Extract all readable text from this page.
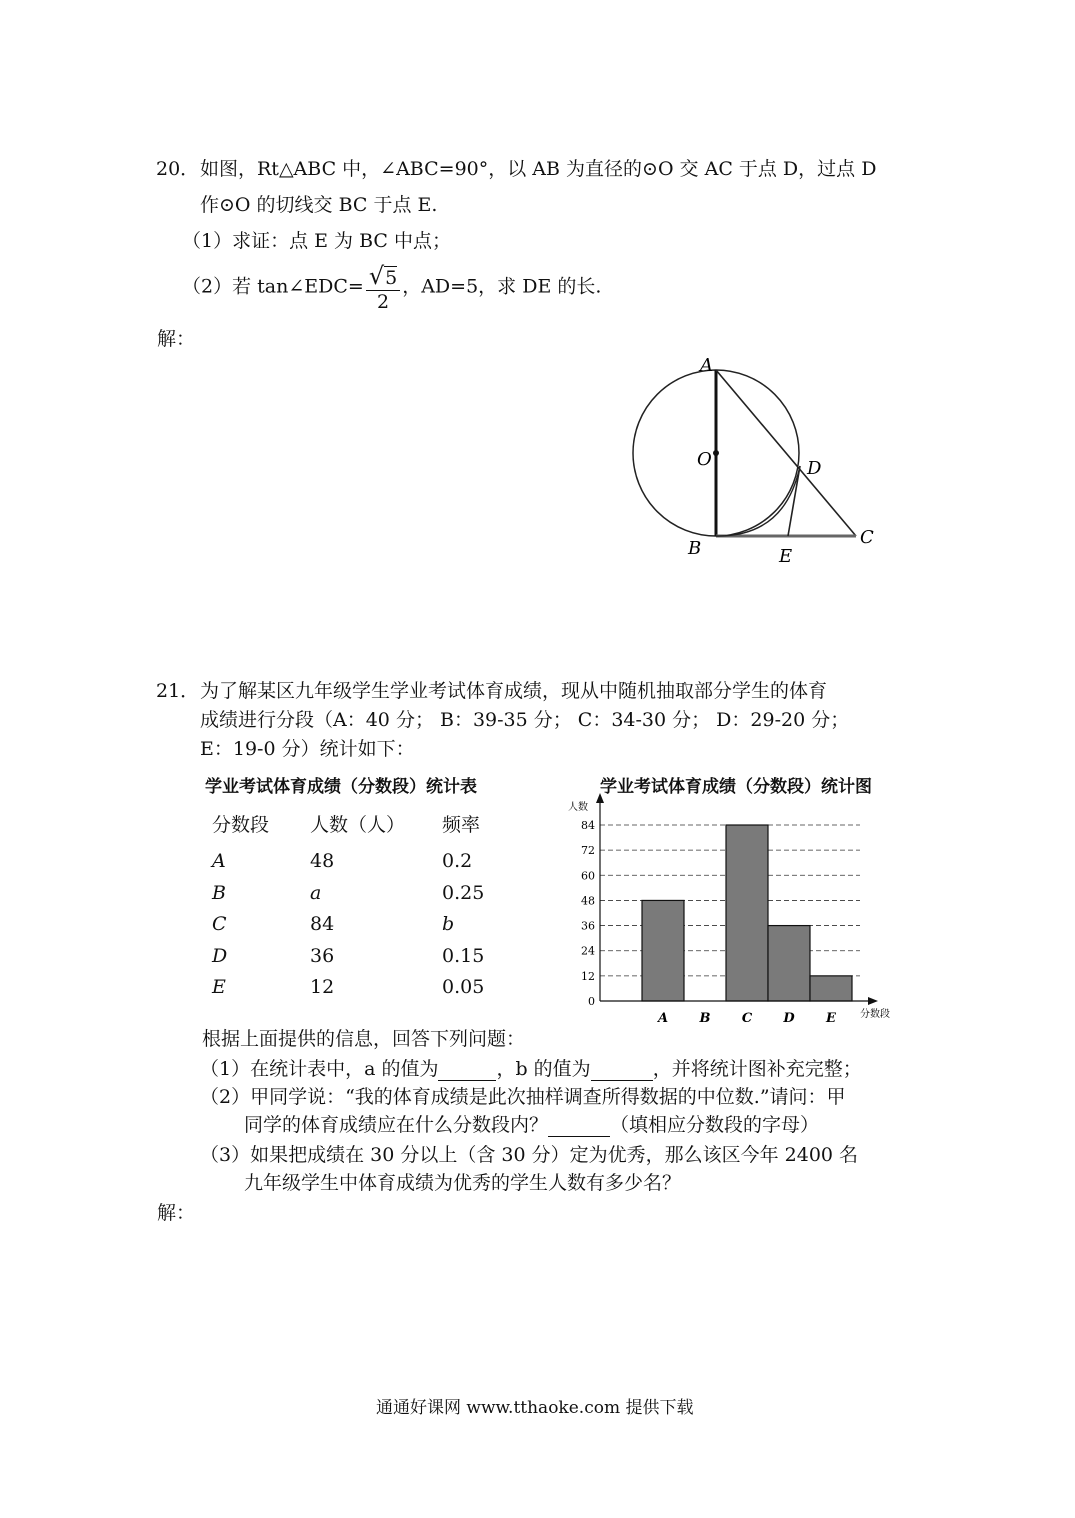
20． 如图，Rt△ABC 中，∠ABC=90°，以 AB 为直径的⊙O 交 AC 于点 D，过点 D
作⊙O 的切线交 BC 于点 E.
（1）求证：点 E 为 BC 中点；
（2）若 tan∠EDC= $\frac{√5}{2}$ ，AD=5，求 DE 的长.
解：
A
O	D
B	E
C
21． 为了解某区九年级学生学业考试体育成绩，现从中随机抽取部分学生的体育
成绩进行分段（A：40 分； B：39-35 分； C：34-30 分； D：29-20 分；
E：19-0 分）统计如下：
学业考试体育成绩（分数段）统计表
分数段 人数（人） 频率
A	48	0.2
B	a	0.25
C	84	b
D	36	0.15
E	12	0.05
学业考试体育成绩（分数段）统计图
0
12
24
36
48
60
72
84
A B C D E
人数
分数段
根据上面提供的信息，回答下列问题：
（1）在统计表中，a 的值为	，b 的值为	，并将统计图补充完整；
（2）甲同学说：“我的体育成绩是此次抽样调查所得数据的中位数.”请问：甲
同学的体育成绩应在什么分数段内？	（填相应分数段的字母）
（3）如果把成绩在 30 分以上（含 30 分）定为优秀，那么该区今年 2400 名
九年级学生中体育成绩为优秀的学生人数有多少名？
解：
通通好课网 www.tthaoke.com 提供下载
